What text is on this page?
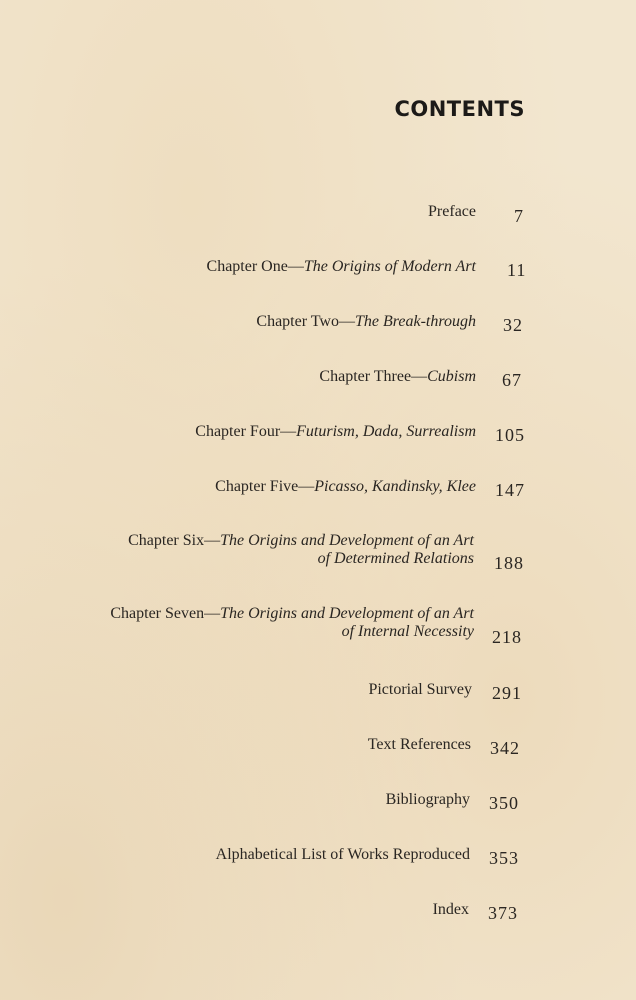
CONTENTS
Preface 7
Chapter One—The Origins of Modern Art 11
Chapter Two—The Break-through 32
Chapter Three—Cubism 67
Chapter Four—Futurism, Dada, Surrealism 105
Chapter Five—Picasso, Kandinsky, Klee 147
Chapter Six—The Origins and Development of an Art
of Determined Relations 188
Chapter Seven—The Origins and Development of an Art
of Internal Necessity 218
Pictorial Survey 291
Text References 342
Bibliography 350
Alphabetical List of Works Reproduced 353
Index 373
